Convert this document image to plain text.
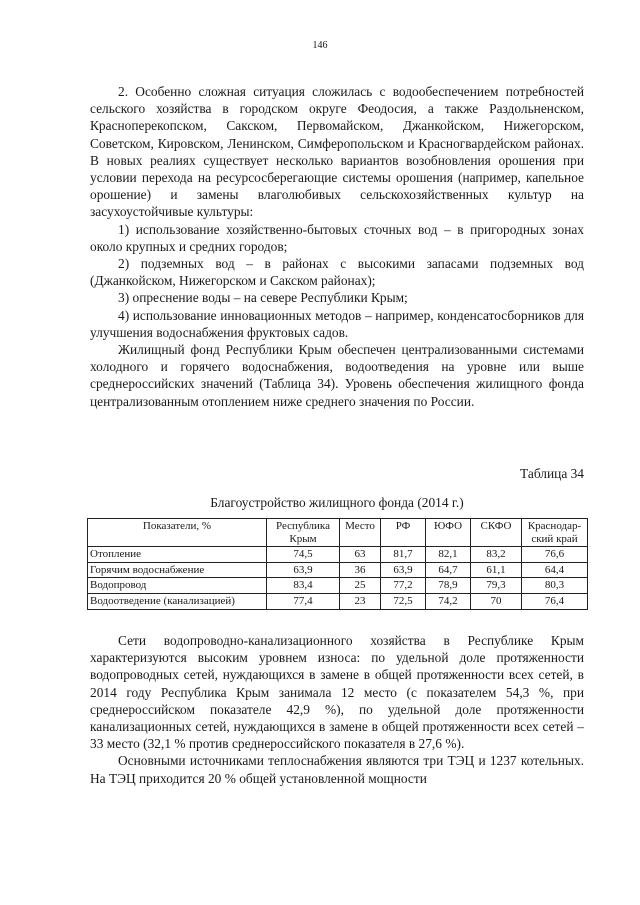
146

2. Особенно сложная ситуация сложилась с водообеспечением потребностей сельского хозяйства в городском округе Феодосия, а также Раздольненском, Красноперекопском, Сакском, Первомайском, Джанкойском, Нижегорском, Советском, Кировском, Ленинском, Симферопольском и Красногвардейском районах. В новых реалиях существует несколько вариантов возобновления орошения при условии перехода на ресурсосберегающие системы орошения (например, капельное орошение) и замены влаголюбивых сельскохозяйственных культур на засухоустойчивые культуры:

1) использование хозяйственно-бытовых сточных вод – в пригородных зонах около крупных и средних городов;

2) подземных вод – в районах с высокими запасами подземных вод (Джанкойском, Нижегорском и Сакском районах);

3) опреснение воды – на севере Республики Крым;

4) использование инновационных методов – например, конденсатосборников для улучшения водоснабжения фруктовых садов.

Жилищный фонд Республики Крым обеспечен централизованными системами холодного и горячего водоснабжения, водоотведения на уровне или выше среднероссийских значений (Таблица 34). Уровень обеспечения жилищного фонда централизованным отоплением ниже среднего значения по России.

Таблица 34
Благоустройство жилищного фонда (2014 г.)
Показатели, %	Республика Крым	Место	РФ	ЮФО	СКФО	Краснодар-ский край
Отопление	74,5	63	81,7	82,1	83,2	76,6
Горячим водоснабжение	63,9	36	63,9	64,7	61,1	64,4
Водопровод	83,4	25	77,2	78,9	79,3	80,3
Водоотведение (канализацией)	77,4	23	72,5	74,2	70	76,4

Сети водопроводно-канализационного хозяйства в Республике Крым характеризуются высоким уровнем износа: по удельной доле протяженности водопроводных сетей, нуждающихся в замене в общей протяженности всех сетей, в 2014 году Республика Крым занимала 12 место (с показателем 54,3 %, при среднероссийском показателе 42,9 %), по удельной доле протяженности канализационных сетей, нуждающихся в замене в общей протяженности всех сетей – 33 место (32,1 % против среднероссийского показателя в 27,6 %).

Основными источниками теплоснабжения являются три ТЭЦ и 1237 котельных. На ТЭЦ приходится 20 % общей установленной мощности
